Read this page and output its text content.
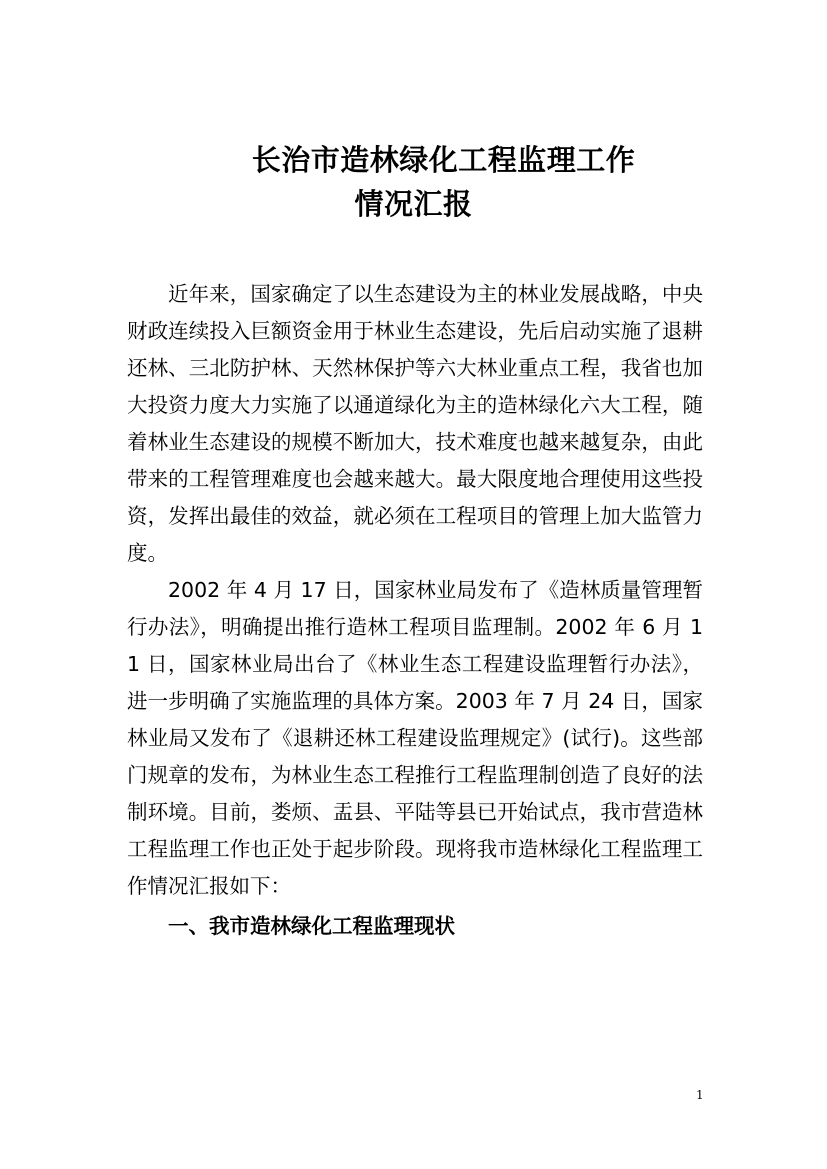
长治市造林绿化工程监理工作
情况汇报

近年来，国家确定了以生态建设为主的林业发展战略，中央财政连续投入巨额资金用于林业生态建设，先后启动实施了退耕还林、三北防护林、天然林保护等六大林业重点工程，我省也加大投资力度大力实施了以通道绿化为主的造林绿化六大工程，随着林业生态建设的规模不断加大，技术难度也越来越复杂，由此带来的工程管理难度也会越来越大。最大限度地合理使用这些投资，发挥出最佳的效益，就必须在工程项目的管理上加大监管力度。

2002 年 4 月 17 日，国家林业局发布了《造林质量管理暂行办法》，明确提出推行造林工程项目监理制。2002 年 6 月 11 日，国家林业局出台了《林业生态工程建设监理暂行办法》，进一步明确了实施监理的具体方案。2003 年 7 月 24 日，国家林业局又发布了《退耕还林工程建设监理规定》(试行)。这些部门规章的发布，为林业生态工程推行工程监理制创造了良好的法制环境。目前，娄烦、盂县、平陆等县已开始试点，我市营造林工程监理工作也正处于起步阶段。现将我市造林绿化工程监理工作情况汇报如下：

一、我市造林绿化工程监理现状

1
